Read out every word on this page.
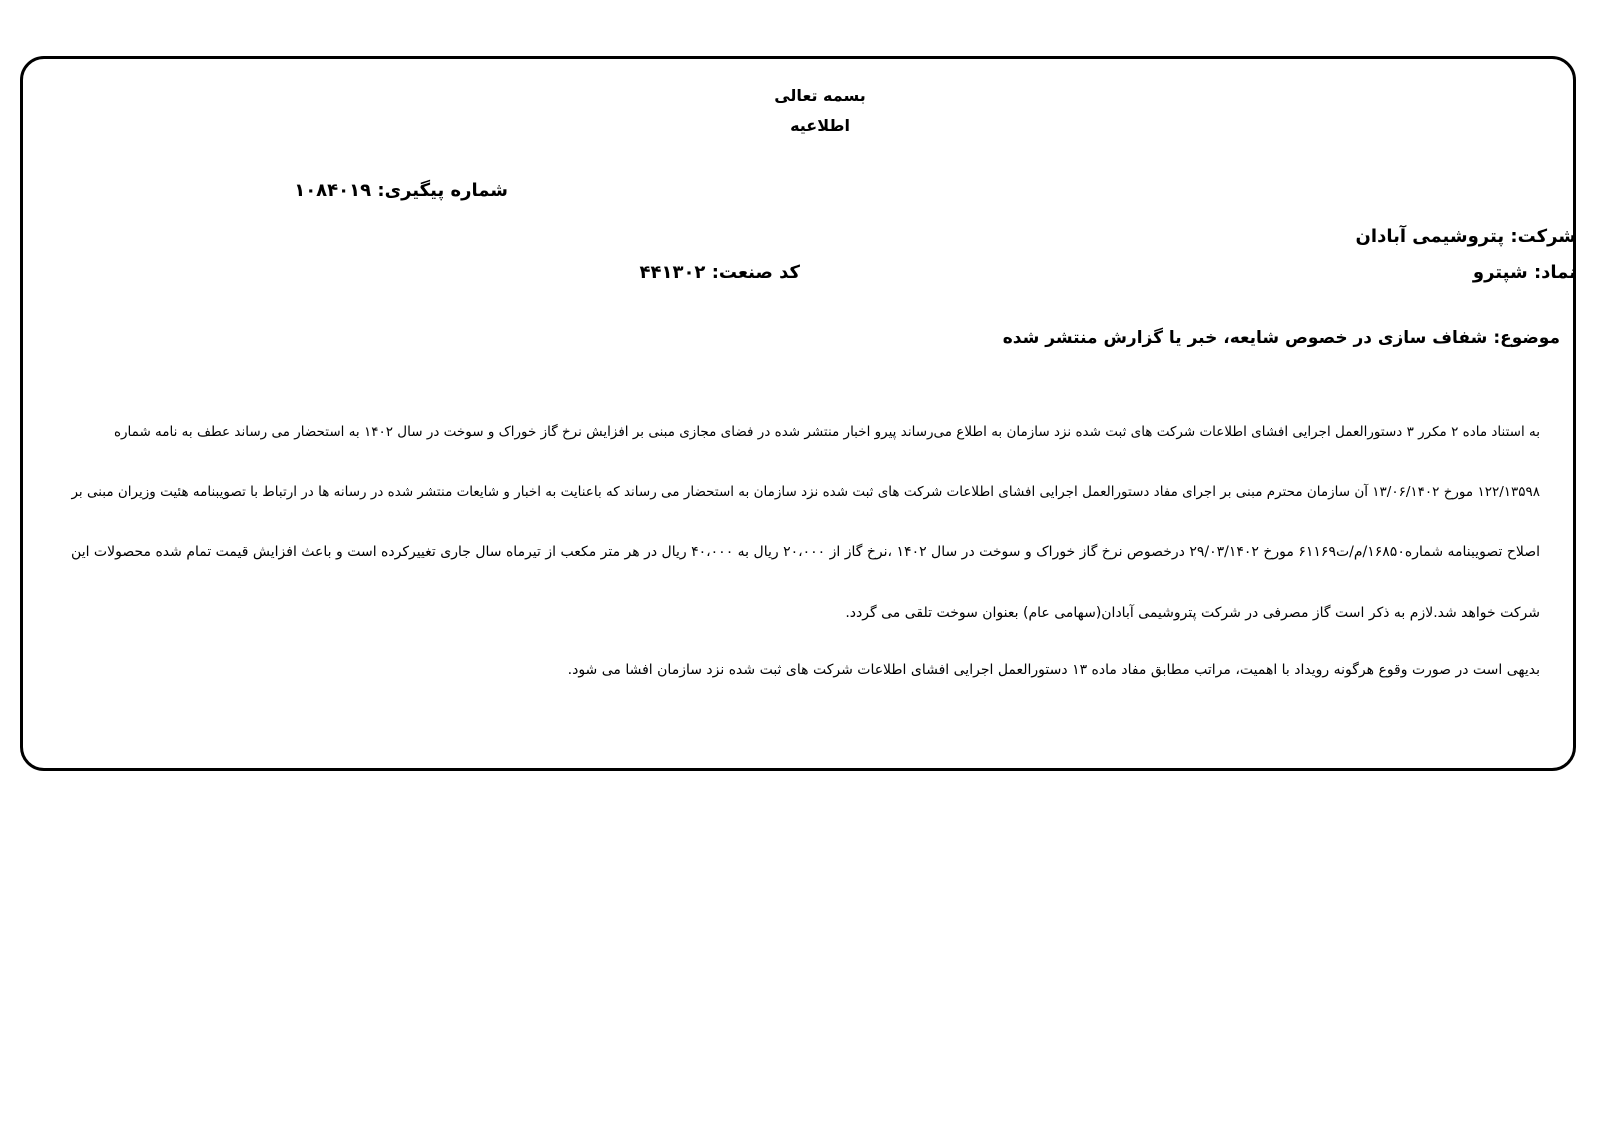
بسمه تعالی
اطلاعیه
شماره پیگیری: ۱۰۸۴۰۱۹
شرکت: پتروشیمی آبادان
نماد: شپترو
کد صنعت: ۴۴۱۳۰۲
موضوع: شفاف سازی در خصوص شایعه، خبر یا گزارش منتشر شده
به استناد ماده ۲ مکرر ۳ دستورالعمل اجرایی افشای اطلاعات شرکت های ثبت شده نزد سازمان به اطلاع می‌رساند پیرو اخبار منتشر شده در فضای مجازی مبنی بر افزایش نرخ گاز خوراک و سوخت در سال ۱۴۰۲ به استحضار می رساند عطف به نامه شماره
۱۲۲/۱۳۵۹۸ مورخ ۱۳/۰۶/۱۴۰۲ آن سازمان محترم مبنی بر اجرای مفاد دستورالعمل اجرایی افشای اطلاعات شرکت های ثبت شده نزد سازمان به استحضار می رساند که باعنایت به اخبار و شایعات منتشر شده در رسانه ها در ارتباط با تصویبنامه هئیت وزیران مبنی بر
اصلاح تصویبنامه شماره۱۶۸۵۰/م/ت۶۱۱۶۹ مورخ ۲۹/۰۳/۱۴۰۲ درخصوص نرخ گاز خوراک و سوخت در سال ۱۴۰۲ ،نرخ گاز از ۲۰،۰۰۰ ریال به ۴۰،۰۰۰ ریال در هر متر مکعب از تیرماه سال جاری تغییرکرده است و باعث افزایش قیمت تمام شده محصولات این
شرکت خواهد شد.لازم به ذکر است گاز مصرفی در شرکت پتروشیمی آبادان(سهامی عام) بعنوان سوخت تلقی می گردد.
بدیهی است در صورت وقوع هرگونه رویداد با اهمیت، مراتب مطابق مفاد ماده ۱۳ دستورالعمل اجرایی افشای اطلاعات شرکت های ثبت شده نزد سازمان افشا می شود.
